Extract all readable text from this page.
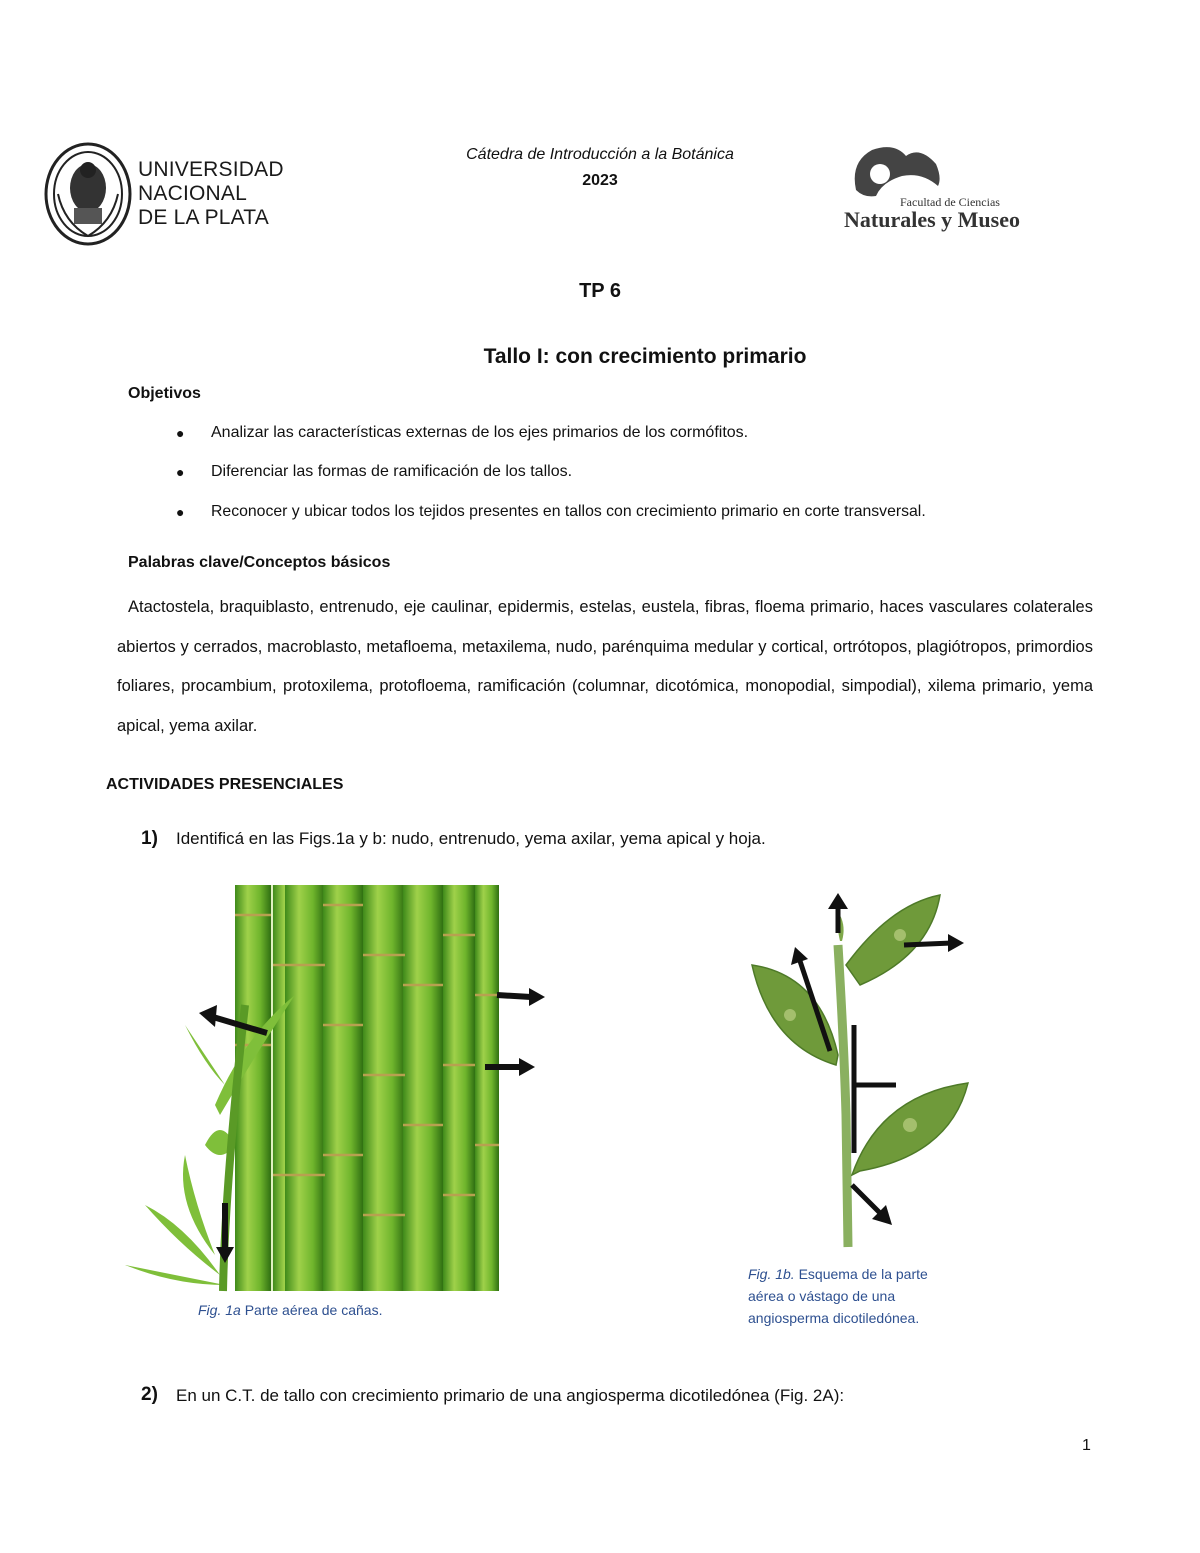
UNIVERSIDAD
NACIONAL
DE LA PLATA
Cátedra de Introducción a la Botánica
2023
Facultad de Ciencias
Naturales y Museo
TP 6
Tallo I: con crecimiento primario
Objetivos
● Analizar las características externas de los ejes primarios de los cormófitos.
● Diferenciar las formas de ramificación de los tallos.
● Reconocer y ubicar todos los tejidos presentes en tallos con crecimiento primario en corte transversal.
Palabras clave/Conceptos básicos
Atactostela, braquiblasto, entrenudo, eje caulinar, epidermis, estelas, eustela, fibras, floema primario, haces vasculares colaterales abiertos y cerrados, macroblasto, metafloema, metaxilema, nudo, parénquima medular y cortical, ortrótopos, plagiótropos, primordios foliares, procambium, protoxilema, protofloema, ramificación (columnar, dicotómica, monopodial, simpodial), xilema primario, yema apical, yema axilar.
ACTIVIDADES PRESENCIALES
1) Identificá en las Figs.1a y b: nudo, entrenudo, yema axilar, yema apical y hoja.
Fig. 1a Parte aérea de cañas.
Fig. 1b. Esquema de la parte
aérea o vástago de una
angiosperma dicotiledónea.
2) En un C.T. de tallo con crecimiento primario de una angiosperma dicotiledónea (Fig. 2A):
1
